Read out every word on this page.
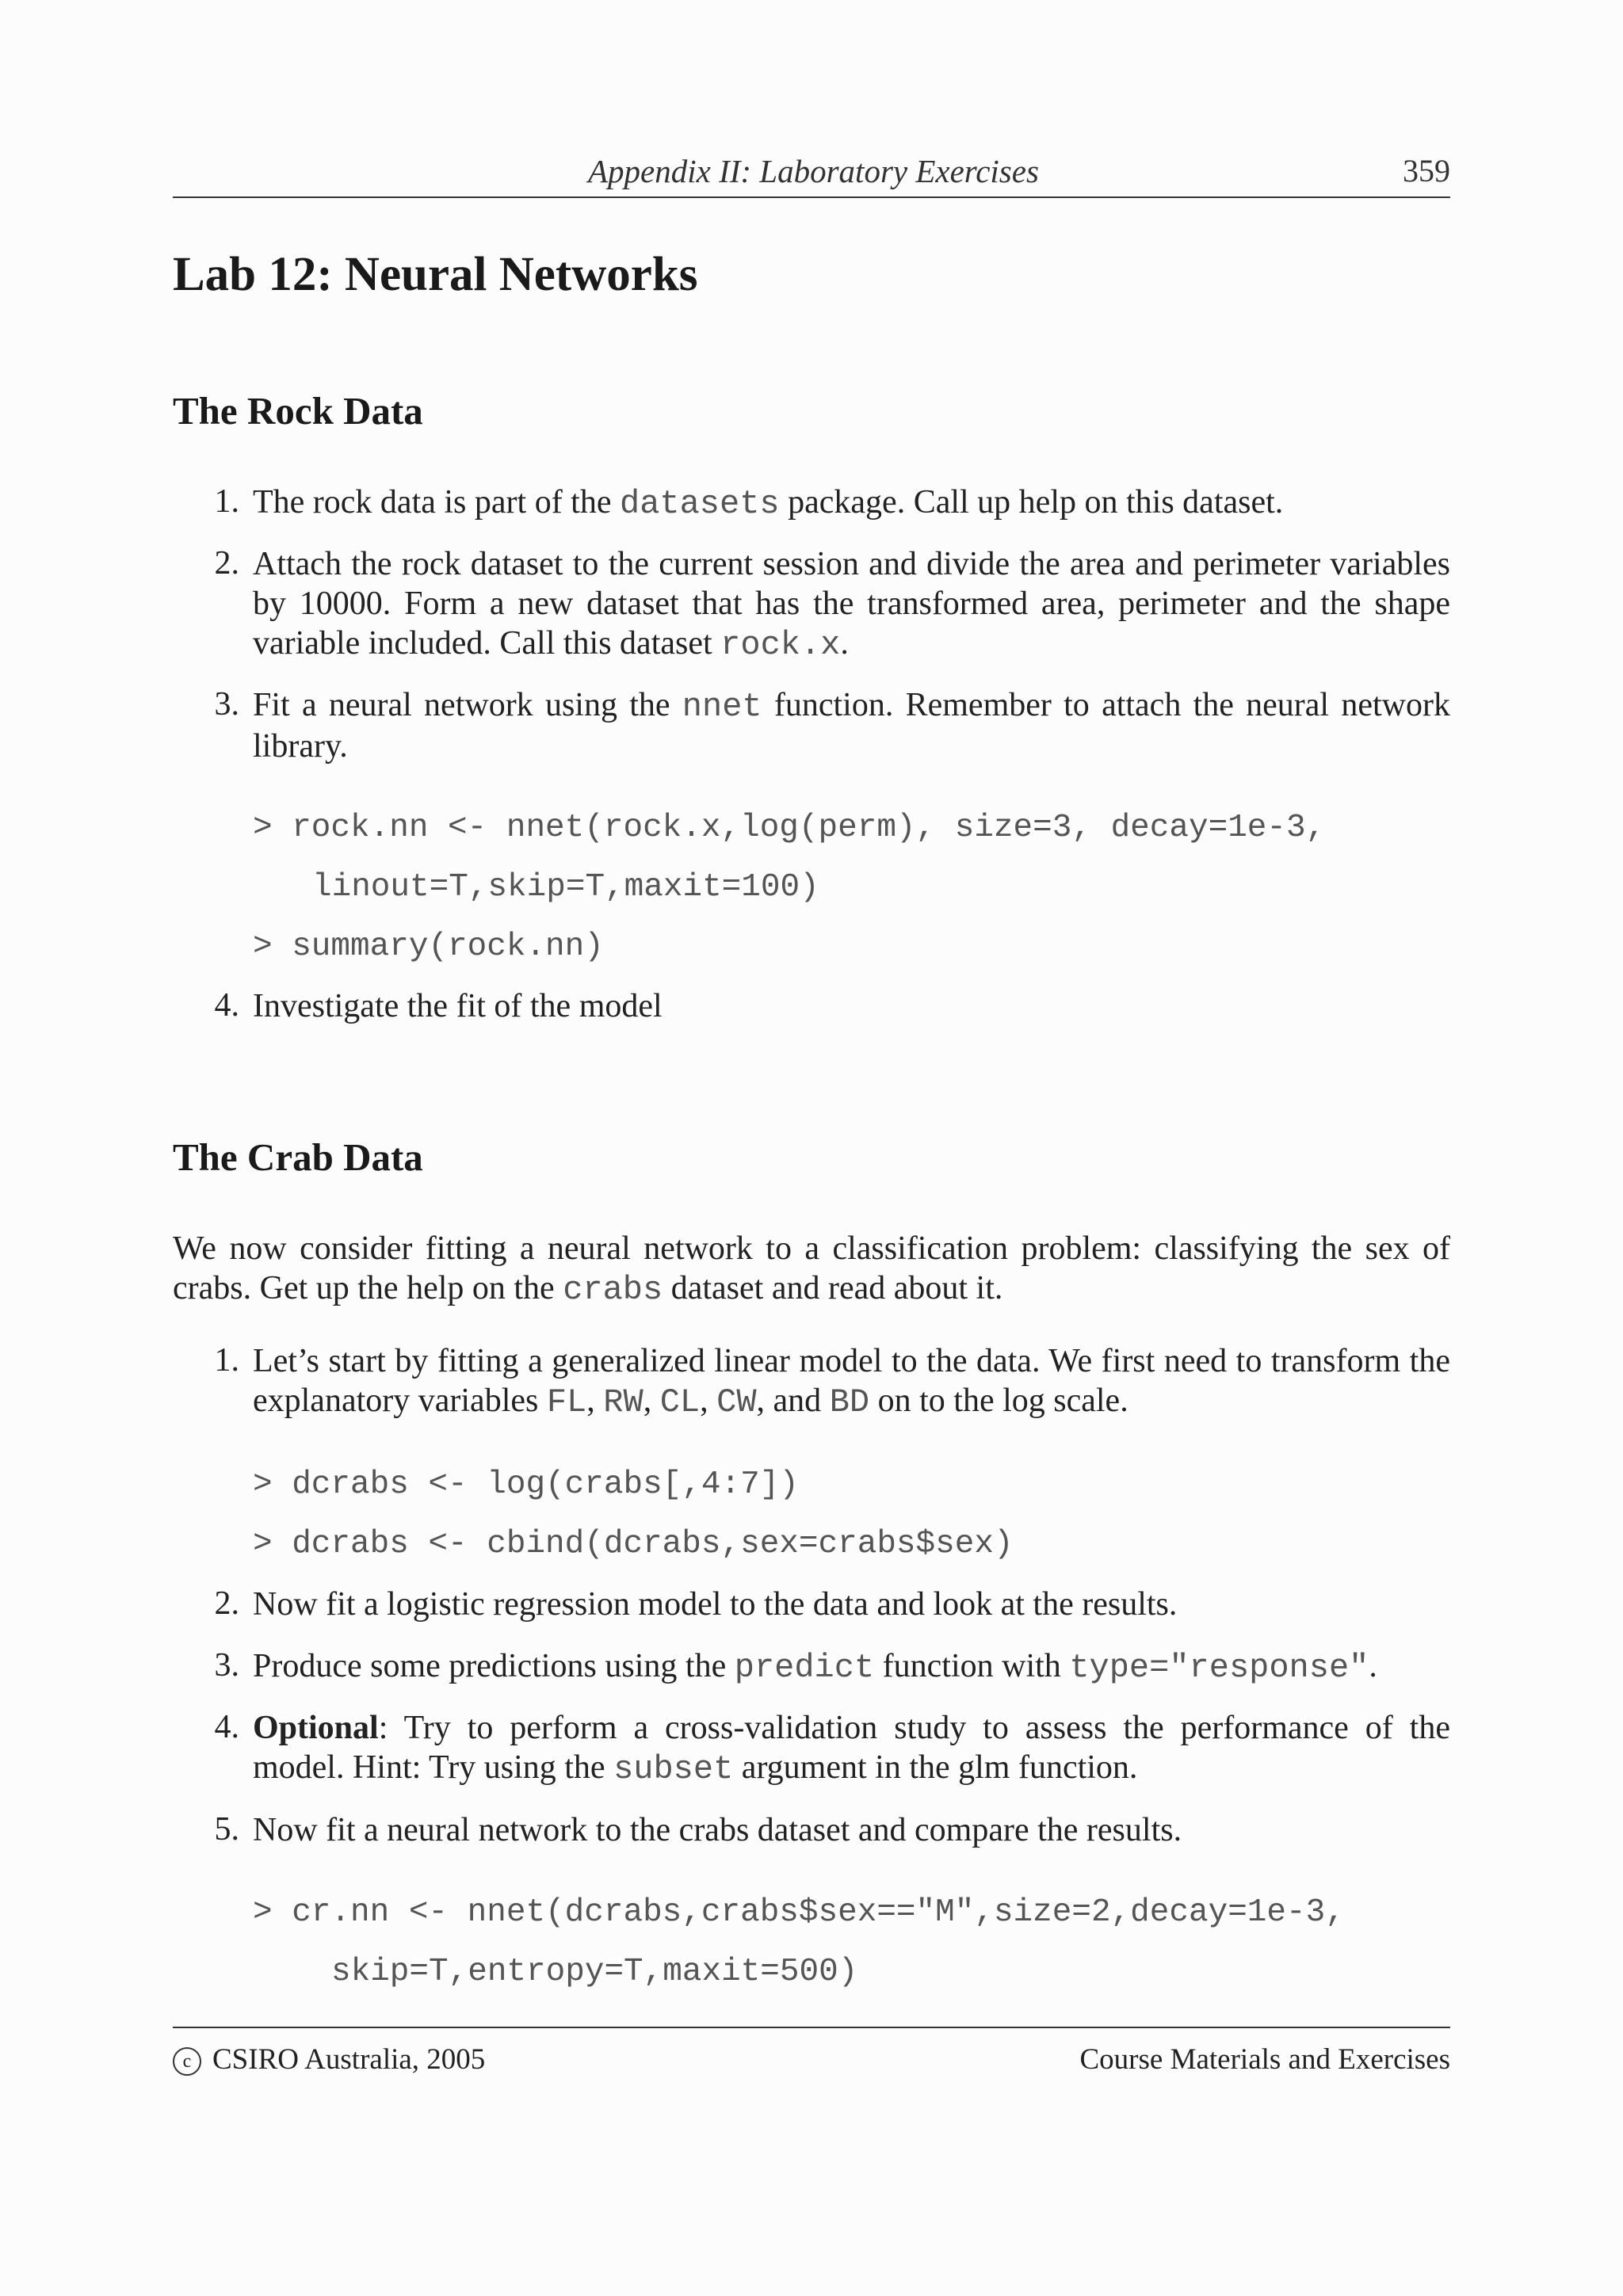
Appendix II: Laboratory Exercises	359
Lab 12: Neural Networks
The Rock Data
1. The rock data is part of the datasets package. Call up help on this dataset.
2. Attach the rock dataset to the current session and divide the area and perimeter variables by 10000. Form a new dataset that has the transformed area, perimeter and the shape variable included. Call this dataset rock.x.
3. Fit a neural network using the nnet function. Remember to attach the neural network library.
> rock.nn <- nnet(rock.x,log(perm), size=3, decay=1e-3,
linout=T,skip=T,maxit=100)
> summary(rock.nn)
4. Investigate the fit of the model
The Crab Data
We now consider fitting a neural network to a classification problem: classifying the sex of crabs. Get up the help on the crabs dataset and read about it.
1. Let’s start by fitting a generalized linear model to the data. We first need to transform the explanatory variables FL, RW, CL, CW, and BD on to the log scale.
> dcrabs <- log(crabs[,4:7])
> dcrabs <- cbind(dcrabs,sex=crabs$sex)
2. Now fit a logistic regression model to the data and look at the results.
3. Produce some predictions using the predict function with type="response".
4. Optional: Try to perform a cross-validation study to assess the performance of the model. Hint: Try using the subset argument in the glm function.
5. Now fit a neural network to the crabs dataset and compare the results.
> cr.nn <- nnet(dcrabs,crabs$sex=="M",size=2,decay=1e-3,
skip=T,entropy=T,maxit=500)
c CSIRO Australia, 2005	Course Materials and Exercises
